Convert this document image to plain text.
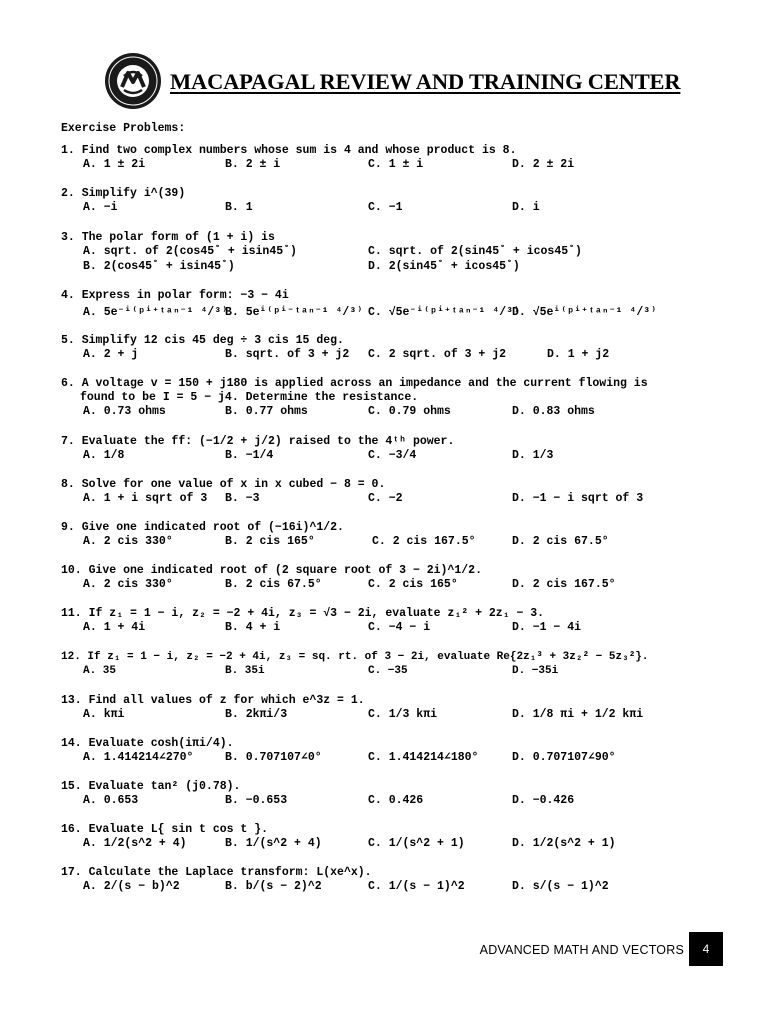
MACAPAGAL REVIEW AND TRAINING CENTER
Exercise Problems:
1. Find two complex numbers whose sum is 4 and whose product is 8.
A. 1 ± 2i	B. 2 ± i	C. 1 ± i	D. 2 ± 2i
2. Simplify i^(39)
A. −i	B. 1	C. −1	D. i
3. The polar form of (1 + i) is
A. sqrt. of 2(cos45˚ + isin45˚)	C. sqrt. of 2(sin45˚ + icos45˚)
B. 2(cos45˚ + isin45˚)	D. 2(sin45˚ + icos45˚)
4. Express in polar form: −3 − 4i
A. 5e⁻ⁱ⁽ᵖⁱ⁺ᵗᵃⁿ⁻¹ ⁴/³⁾
B. 5eⁱ⁽ᵖⁱ⁻ᵗᵃⁿ⁻¹ ⁴/³⁾ C. √5e⁻ⁱ⁽ᵖⁱ⁺ᵗᵃⁿ⁻¹ ⁴/³⁾
D. √5eⁱ⁽ᵖⁱ⁺ᵗᵃⁿ⁻¹ ⁴/³⁾
5. Simplify 12 cis 45 deg ÷ 3 cis 15 deg.
A. 2 + j	B. sqrt. of 3 + j2 C. 2 sqrt. of 3 + j2	D. 1 + j2
6. A voltage v = 150 + j180 is applied across an impedance and the current flowing is
found to be I = 5 − j4. Determine the resistance.
A. 0.73 ohms	B. 0.77 ohms	C. 0.79 ohms	D. 0.83 ohms
7. Evaluate the ff: (−1/2 + j/2) raised to the 4ᵗʰ power.
A. 1/8	B. −1/4	C. −3/4	D. 1/3
8. Solve for one value of x in x cubed − 8 = 0.
A. 1 + i sqrt of 3 B. −3	C. −2	D. −1 − i sqrt of 3
9. Give one indicated root of (−16i)^1/2.
A. 2 cis 330°	B. 2 cis 165°	C. 2 cis 167.5°	D. 2 cis 67.5°
10. Give one indicated root of (2 square root of 3 − 2i)^1/2.
A. 2 cis 330°	B. 2 cis 67.5°	C. 2 cis 165°	D. 2 cis 167.5°
11. If z₁ = 1 − i, z₂ = −2 + 4i, z₃ = √3 − 2i, evaluate z₁² + 2z₁ − 3.
A. 1 + 4i	B. 4 + i	C. −4 − i	D. −1 − 4i
12. If z₁ = 1 − i, z₂ = −2 + 4i, z₃ = sq. rt. of 3 − 2i, evaluate Re{2z₁³ + 3z₂² − 5z₃²}.
A. 35	B. 35i	C. −35	D. −35i
13. Find all values of z for which e^3z = 1.
A. kπi	B. 2kπi/3	C. 1/3 kπi	D. 1/8 πi + 1/2 kπi
14. Evaluate cosh(iπi/4).
A. 1.414214∠270°	B. 0.707107∠0°	C. 1.414214∠180°	D. 0.707107∠90°
15. Evaluate tan² (j0.78).
A. 0.653	B. −0.653	C. 0.426	D. −0.426
16. Evaluate L{ sin t cos t }.
A. 1/2(s^2 + 4)	B. 1/(s^2 + 4)	C. 1/(s^2 + 1)	D. 1/2(s^2 + 1)
17. Calculate the Laplace transform: L(xe^x).
A. 2/(s − b)^2	B. b/(s − 2)^2	C. 1/(s − 1)^2	D. s/(s − 1)^2
ADVANCED MATH AND VECTORS	4
